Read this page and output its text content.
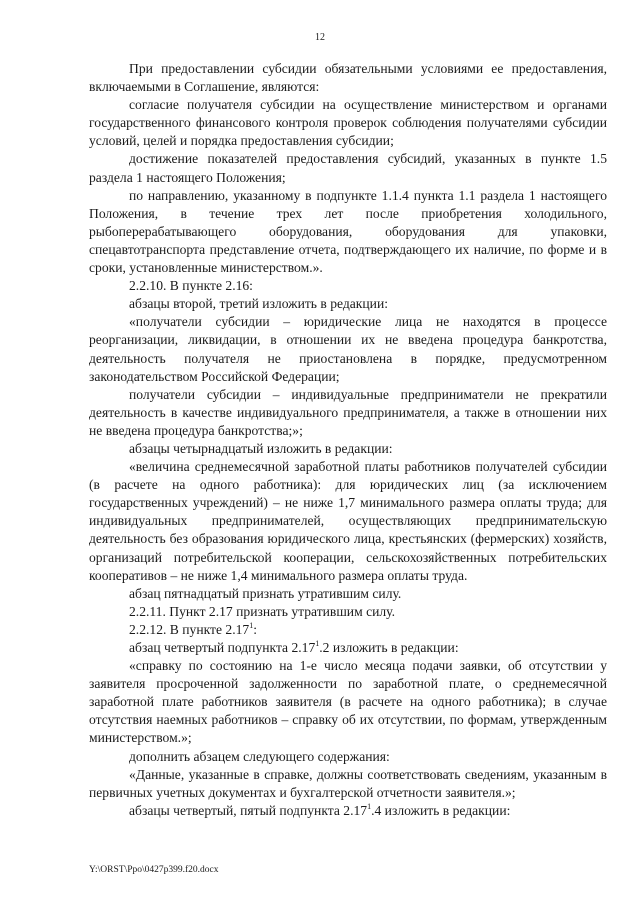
12

При предоставлении субсидии обязательными условиями ее предоставления, включаемыми в Соглашение, являются:

согласие получателя субсидии на осуществление министерством и органами государственного финансового контроля проверок соблюдения получателями субсидии условий, целей и порядка предоставления субсидии;

достижение показателей предоставления субсидий, указанных в пункте 1.5 раздела 1 настоящего Положения;

по направлению, указанному в подпункте 1.1.4 пункта 1.1 раздела 1 настоящего Положения, в течение трех лет после приобретения холодильного, рыбоперерабатывающего оборудования, оборудования для упаковки, спецавтотранспорта представление отчета, подтверждающего их наличие, по форме и в сроки, установленные министерством.».

2.2.10. В пункте 2.16:

абзацы второй, третий изложить в редакции:

«получатели субсидии – юридические лица не находятся в процессе реорганизации, ликвидации, в отношении их не введена процедура банкротства, деятельность получателя не приостановлена в порядке, предусмотренном законодательством Российской Федерации;

получатели субсидии – индивидуальные предприниматели не прекратили деятельность в качестве индивидуального предпринимателя, а также в отношении них не введена процедура банкротства;»;

абзацы четырнадцатый изложить в редакции:

«величина среднемесячной заработной платы работников получателей субсидии (в расчете на одного работника): для юридических лиц (за исключением государственных учреждений) – не ниже 1,7 минимального размера оплаты труда; для индивидуальных предпринимателей, осуществляющих предпринимательскую деятельность без образования юридического лица, крестьянских (фермерских) хозяйств, организаций потребительской кооперации, сельскохозяйственных потребительских кооперативов – не ниже 1,4 минимального размера оплаты труда.

абзац пятнадцатый признать утратившим силу.

2.2.11. Пункт 2.17 признать утратившим силу.

2.2.12. В пункте 2.17$^1$:

абзац четвертый подпункта 2.17$^1$.2 изложить в редакции:

«справку по состоянию на 1-е число месяца подачи заявки, об отсутствии у заявителя просроченной задолженности по заработной плате, о среднемесячной заработной плате работников заявителя (в расчете на одного работника); в случае отсутствия наемных работников – справку об их отсутствии, по формам, утвержденным министерством.»;

дополнить абзацем следующего содержания:

«Данные, указанные в справке, должны соответствовать сведениям, указанным в первичных учетных документах и бухгалтерской отчетности заявителя.»;

абзацы четвертый, пятый подпункта 2.17$^1$.4 изложить в редакции:

Y:\ORST\Ppo\0427p399.f20.docx
